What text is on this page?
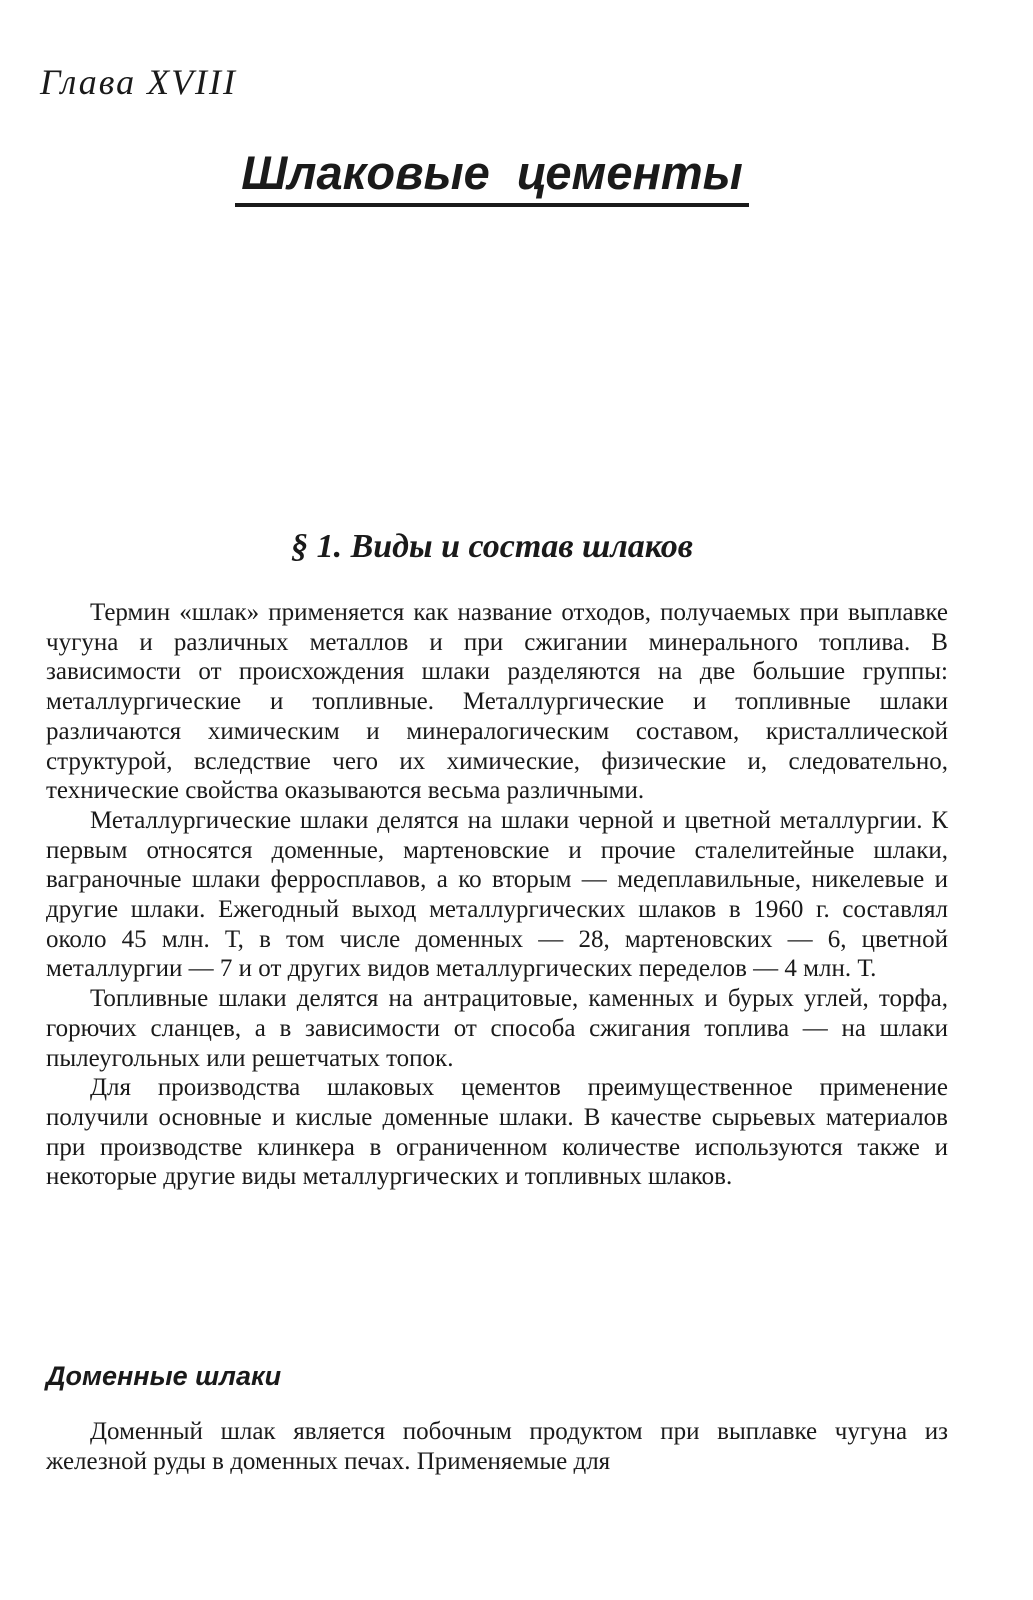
Глава XVIII
Шлаковые цементы
§ 1. Виды и состав шлаков

Термин «шлак» применяется как название отходов, получаемых при выплавке чугуна и различных металлов и при сжигании минерального топлива. В зависимости от происхождения шлаки разделяются на две большие группы: металлургические и топливные. Металлургические и топливные шлаки различаются химическим и минералогическим составом, кристаллической структурой, вследствие чего их химические, физические и, следовательно, технические свойства оказываются весьма различными.

Металлургические шлаки делятся на шлаки черной и цветной металлургии. К первым относятся доменные, мартеновские и прочие сталелитейные шлаки, ваграночные шлаки ферросплавов, а ко вторым — медеплавильные, никелевые и другие шлаки. Ежегодный выход металлургических шлаков в 1960 г. составлял около 45 млн. Т, в том числе доменных — 28, мартеновских — 6, цветной металлургии — 7 и от других видов металлургических переделов — 4 млн. Т.

Топливные шлаки делятся на антрацитовые, каменных и бурых углей, торфа, горючих сланцев, а в зависимости от способа сжигания топлива — на шлаки пылеугольных или решетчатых топок.

Для производства шлаковых цементов преимущественное применение получили основные и кислые доменные шлаки. В качестве сырьевых материалов при производстве клинкера в ограниченном количестве используются также и некоторые другие виды металлургических и топливных шлаков.

Доменные шлаки

Доменный шлак является побочным продуктом при выплавке чугуна из железной руды в доменных печах. Применяемые для
